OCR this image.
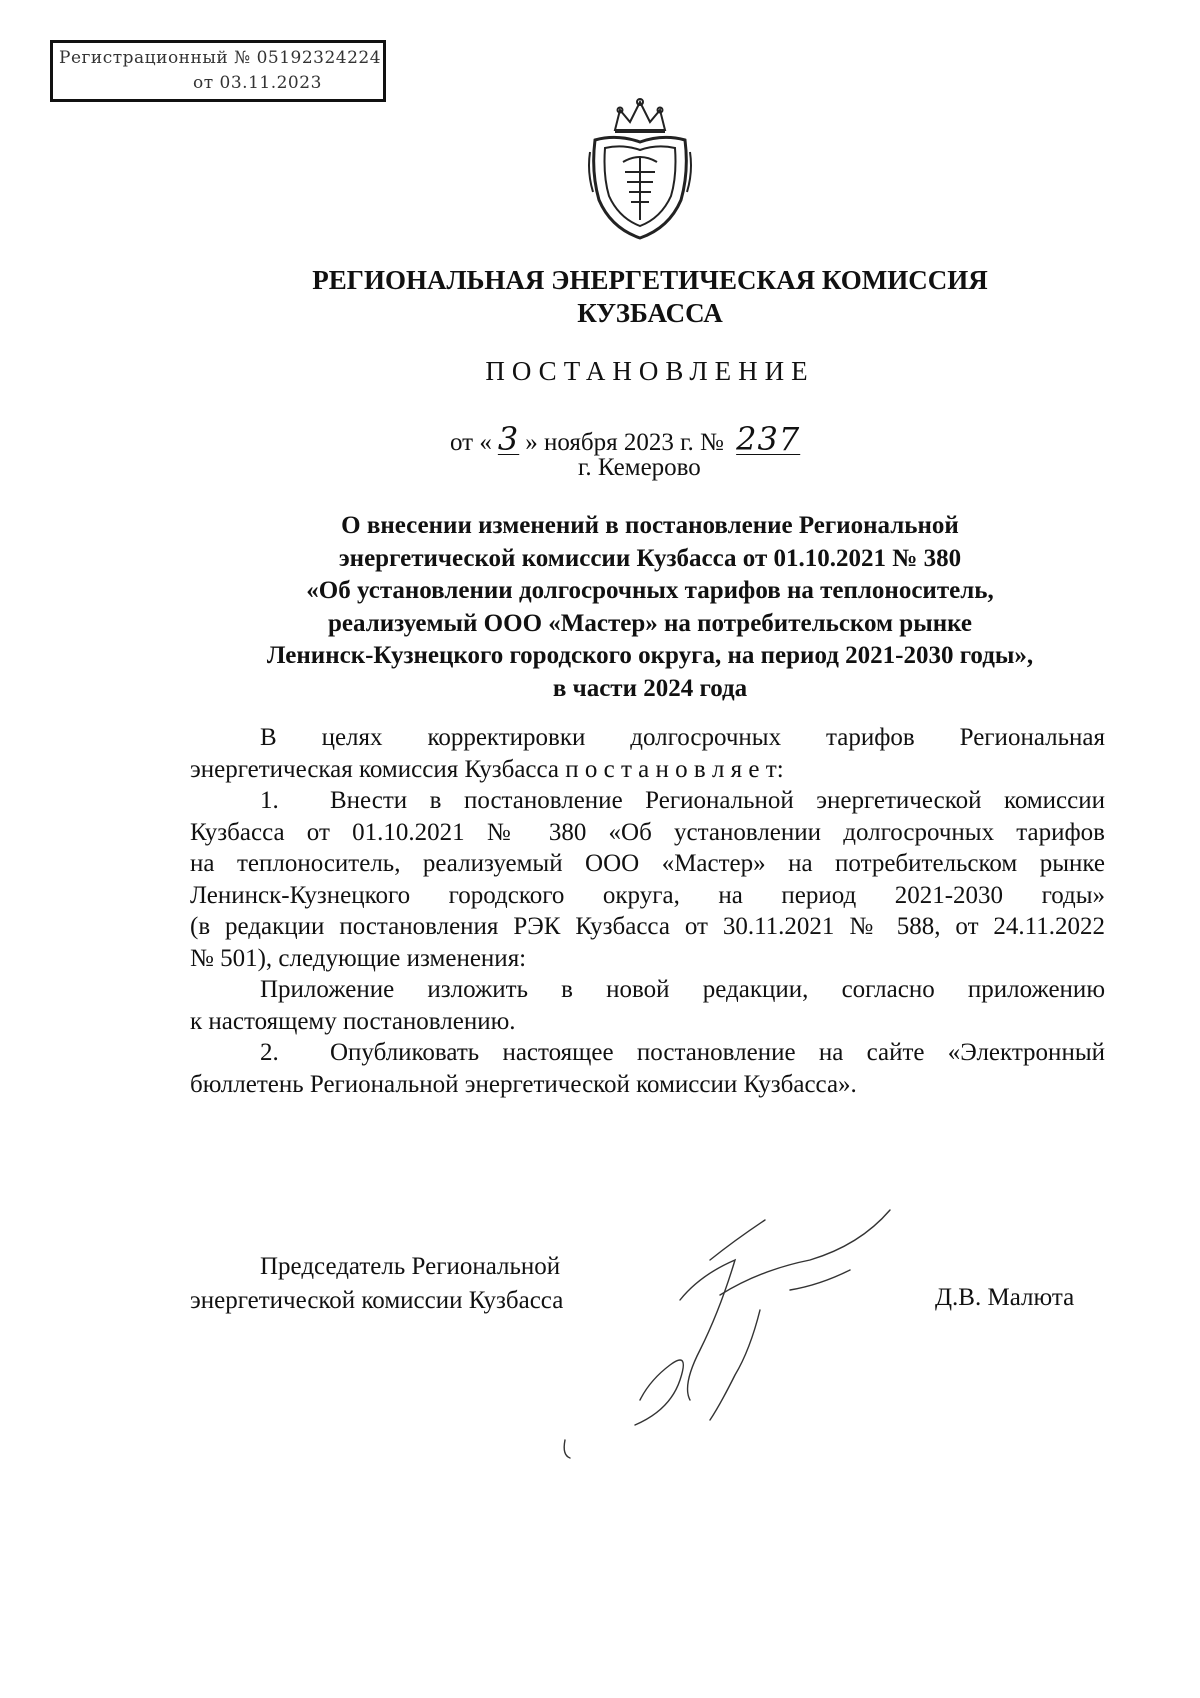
Регистрационный № 05192324224
от 03.11.2023
РЕГИОНАЛЬНАЯ ЭНЕРГЕТИЧЕСКАЯ КОМИССИЯ
КУЗБАССА
ПОСТАНОВЛЕНИЕ
от « 3 » ноября 2023 г. № 237
г. Кемерово
О внесении изменений в постановление Региональной
энергетической комиссии Кузбасса от 01.10.2021 № 380
«Об установлении долгосрочных тарифов на теплоноситель,
реализуемый ООО «Мастер» на потребительском рынке
Ленинск-Кузнецкого городского округа, на период 2021-2030 годы»,
в части 2024 года
В целях корректировки долгосрочных тарифов Региональная
энергетическая комиссия Кузбасса п о с т а н о в л я е т:
1.	Внести в постановление Региональной энергетической комиссии
Кузбасса от 01.10.2021 № 380 «Об установлении долгосрочных тарифов
на теплоноситель, реализуемый ООО «Мастер» на потребительском рынке
Ленинск-Кузнецкого городского округа, на период 2021-2030 годы»
(в редакции постановления РЭК Кузбасса от 30.11.2021 № 588, от 24.11.2022
№ 501), следующие изменения:
Приложение изложить в новой редакции, согласно приложению
к настоящему постановлению.
2.	Опубликовать настоящее постановление на сайте «Электронный
бюллетень Региональной энергетической комиссии Кузбасса».
Председатель Региональной
энергетической комиссии Кузбасса	Д.В. Малюта
